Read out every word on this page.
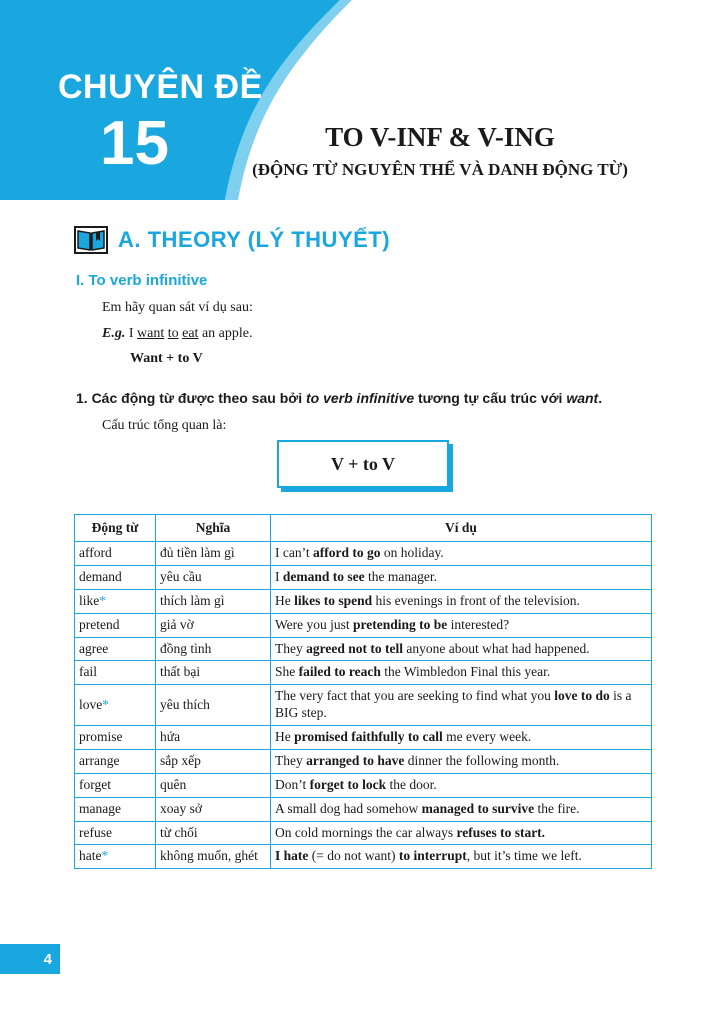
CHUYÊN ĐỀ
15	TO V-INF & V-ING
(ĐỘNG TỪ NGUYÊN THỂ VÀ DANH ĐỘNG TỪ)
A. THEORY (LÝ THUYẾT)
I. To verb infinitive
Em hãy quan sát ví dụ sau:
E.g. I want to eat an apple.
Want + to V
1. Các động từ được theo sau bởi to verb infinitive tương tự cấu trúc với want.
Cấu trúc tổng quan là:
V + to V
Động từ	Nghĩa	Ví dụ
afford	đủ tiền làm gì	I can’t afford to go on holiday.
demand	yêu cầu	I demand to see the manager.
like*	thích làm gì	He likes to spend his evenings in front of the television.
pretend	giả vờ	Were you just pretending to be interested?
agree	đồng tình	They agreed not to tell anyone about what had happened.
fail	thất bại	She failed to reach the Wimbledon Final this year.
love*	yêu thích	The very fact that you are seeking to find what you love to do is a BIG step.
promise	hứa	He promised faithfully to call me every week.
arrange	sắp xếp	They arranged to have dinner the following month.
forget	quên	Don’t forget to lock the door.
manage	xoay sở	A small dog had somehow managed to survive the fire.
refuse	từ chối	On cold mornings the car always refuses to start.
hate*	không muốn, ghét	I hate (= do not want) to interrupt, but it’s time we left.
4
